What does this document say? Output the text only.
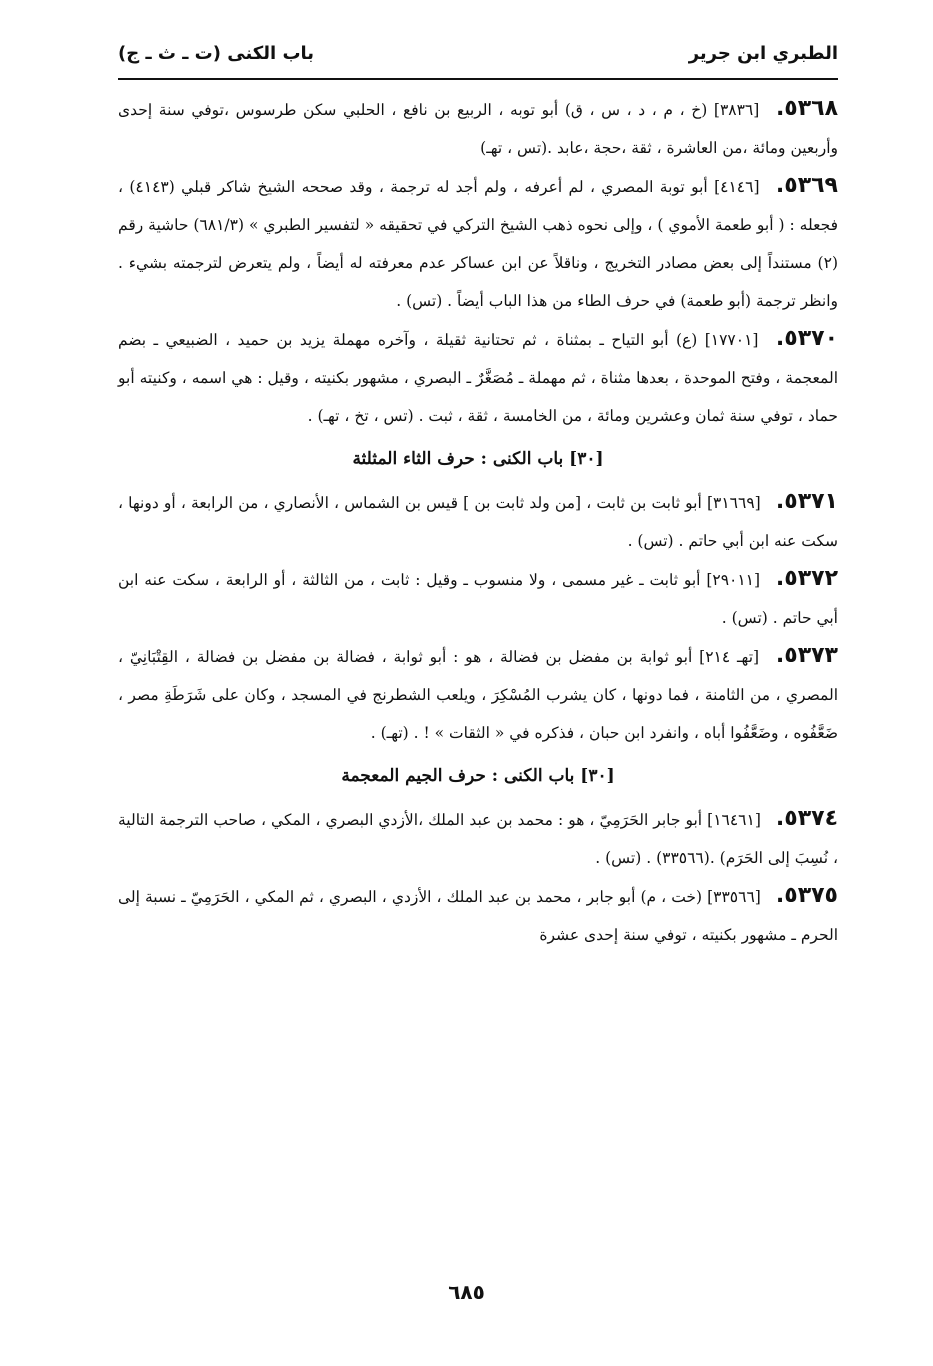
الطبري ابن جرير
باب الكنى (ت ـ ث ـ ج)

٥٣٦٨. [٣٨٣٦] (خ ، م ، د ، س ، ق) أبو توبه ، الربيع بن نافع ، الحلبي سكن طرسوس ،توفي سنة إحدى وأربعين ومائة ،من العاشرة ، ثقة ،حجة ،عابد .(تس ، تهـ)

٥٣٦٩. [٤١٤٦] أبو توبة المصري ، لم أعرفه ، ولم أجد له ترجمة ، وقد صححه الشيخ شاكر قبلي (٤١٤٣) ، فجعله : ( أبو طعمة الأموي ) ، وإلى نحوه ذهب الشيخ التركي في تحقيقه « لتفسير الطبري » (٦٨١/٣) حاشية رقم (٢) مستنداً إلى بعض مصادر التخريج ، وناقلاً عن ابن عساكر عدم معرفته له أيضاً ، ولم يتعرض لترجمته بشيء . وانظر ترجمة (أبو طعمة) في حرف الطاء من هذا الباب أيضاً . (تس) .

٥٣٧٠. [١٧٧٠١] (ع) أبو التياح ـ بمثناة ، ثم تحتانية ثقيلة ، وآخره مهملة يزيد بن حميد ، الضبيعي ـ بضم المعجمة ، وفتح الموحدة ، بعدها مثناة ، ثم مهملة ـ مُصَغَّرٌ ـ البصري ، مشهور بكنيته ، وقيل : هي اسمه ، وكنيته أبو حماد ، توفي سنة ثمان وعشرين ومائة ، من الخامسة ، ثقة ، ثبت . (تس ، تخ ، تهـ) .

[٣٠] باب الكنى : حرف الثاء المثلثة

٥٣٧١. [٣١٦٦٩] أبو ثابت بن ثابت ، [من ولد ثابت بن ] قيس بن الشماس ، الأنصاري ، من الرابعة ، أو دونها ، سكت عنه ابن أبي حاتم . (تس) .

٥٣٧٢. [٢٩٠١١] أبو ثابت ـ غير مسمى ، ولا منسوب ـ وقيل : ثابت ، من الثالثة ، أو الرابعة ، سكت عنه ابن أبي حاتم . (تس) .

٥٣٧٣. [تهـ ٢١٤] أبو ثوابة بن مفضل بن فضالة ، هو : أبو ثوابة ، فضالة بن مفضل بن فضالة ، القِتْبَانِيّ ، المصري ، من الثامنة ، فما دونها ، كان يشرب المُسْكِرَ ، ويلعب الشطرنج في المسجد ، وكان على شَرَطَةِ مصر ، ضَعَّفُوه ، وضَعَّفُوا أباه ، وانفرد ابن حبان ، فذكره في « الثقات » ! . (تهـ) .

[٣٠] باب الكنى : حرف الجيم المعجمة

٥٣٧٤. [١٦٤٦١] أبو جابر الحَرَمِيّ ، هو : محمد بن عبد الملك ،الأزدي البصري ، المكي ، صاحب الترجمة التالية ، نُسِبَ إلى الحَرَم) .(٣٣٥٦٦) . (تس) .

٥٣٧٥. [٣٣٥٦٦] (خت ، م) أبو جابر ، محمد بن عبد الملك ، الأزدي ، البصري ، ثم المكي ، الحَرَمِيّ ـ نسبة إلى الحرم ـ مشهور بكنيته ، توفي سنة إحدى عشرة

٦٨٥
